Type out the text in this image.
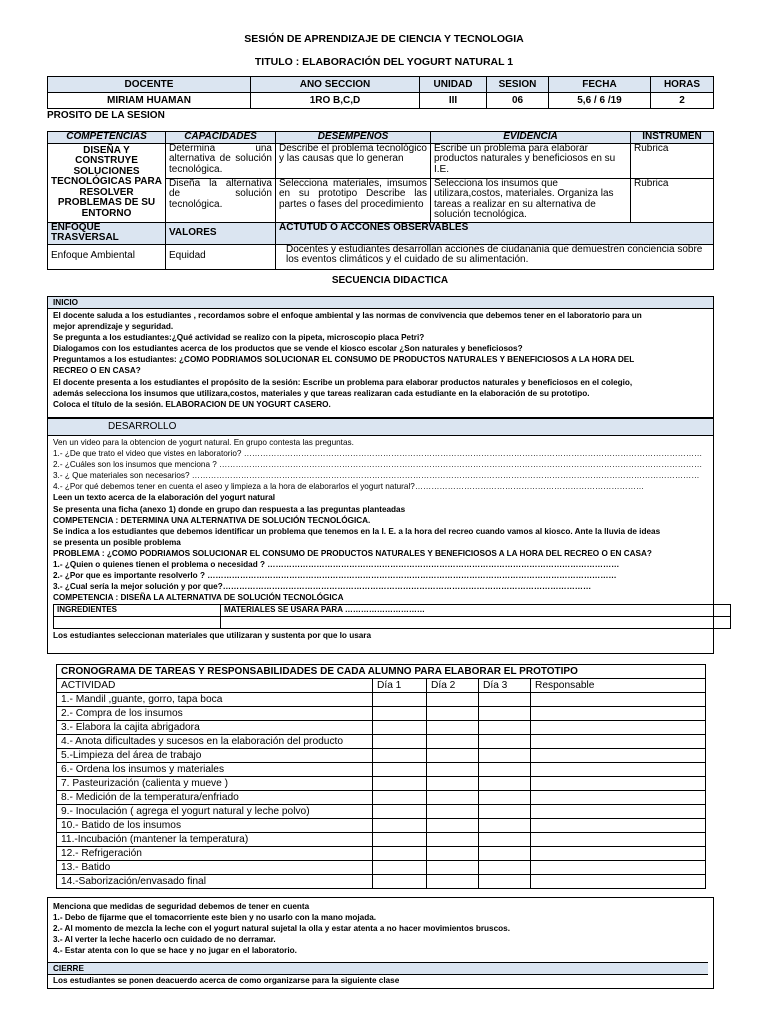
SESIÓN DE APRENDIZAJE DE CIENCIA Y TECNOLOGIA
TITULO : ELABORACIÓN DEL YOGURT NATURAL 1
DOCENTE	ANO SECCION	UNIDAD	SESION	FECHA	HORAS
MIRIAM HUAMAN	1RO B,C,D	III	06	5,6 / 6 /19	2
PROSITO DE LA SESION
COMPETENCIAS	CAPACIDADES	DESEMPENOS	EVIDENCIA	INSTRUMEN
DISEÑA Y CONSTRUYE SOLUCIONES TECNOLÓGICAS PARA RESOLVER PROBLEMAS DE SU ENTORNO	Determina una alternativa de solución tecnológica.	Describe el problema tecnológico y las causas que lo generan	Escribe un problema para elaborar productos naturales y beneficiosos en su I.E.	Rubrica
	Diseña la alternativa de solución tecnológica.	Selecciona materiales, imsumos en su prototipo Describe las partes o fases del procedimiento	Selecciona los insumos que utilizara,costos, materiales. Organiza las tareas a realizar en su alternativa de solución tecnológica.	Rubrica
ENFOQUE TRASVERSAL	VALORES	ACTUTUD O ACCONES OBSERVABLES		
Enfoque Ambiental	Equidad	Docentes y estudiantes desarrollan acciones de ciudanania que demuestren conciencia sobre los eventos climáticos y el cuidado de su alimentación.		
SECUENCIA DIDACTICA
INICIO
El docente saluda a los estudiantes , recordamos sobre el enfoque ambiental y las normas de convivencia que debemos tener en el laboratorio para un
mejor aprendizaje y seguridad.
Se pregunta a los estudiantes:¿Qué actividad se realizo con la pipeta, microscopio placa Petri?
Dialogamos con los estudiantes acerca de los productos que se vende el kiosco escolar ¿Son naturales y beneficiosos?
Preguntamos a los estudiantes: ¿COMO PODRIAMOS SOLUCIONAR EL CONSUMO DE PRODUCTOS NATURALES Y BENEFICIOSOS A LA HORA DEL
RECREO O EN CASA?
El docente presenta a los estudiantes el propósito de la sesión: Escribe un problema para elaborar productos naturales y beneficiosos en el colegio,
además selecciona los insumos que utilizara,costos, materiales y que tareas realizaran cada estudiante en la elaboración de su prototipo.
Coloca el título de la sesión. ELABORACION DE UN YOGURT CASERO.
DESARROLLO
Ven un video para la obtencion de yogurt natural. En grupo contesta las preguntas.
1.- ¿De que trato el video que vistes en laboratorio? ……………………………………………………………………………………………………………………………………………………
2.- ¿Cuáles son los insumos que menciona ? ……………………………………………………………………………………………………………………………………………………………
3.- ¿ Que materiales son necesarios? ……………………………………………………………………………………………………………………………………………………………………
4.- ¿Por qué debemos tener en cuenta el aseo y limpieza a la hora de elaborarlos el yogurt natural?…………………………………………………………………………
Leen un texto acerca de la elaboración del yogurt natural
Se presenta una ficha (anexo 1) donde en grupo dan respuesta a las preguntas planteadas
COMPETENCIA : DETERMINA UNA ALTERNATIVA DE SOLUCIÓN TECNOLÓGICA.
Se indica a los estudiantes que debemos identificar un problema que tenemos en la I. E. a la hora del recreo cuando vamos al kiosco. Ante la lluvia de ideas
se presenta un posible problema
PROBLEMA : ¿COMO PODRIAMOS SOLUCIONAR EL CONSUMO DE PRODUCTOS NATURALES Y BENEFICIOSOS A LA HORA DEL RECREO O EN CASA?
1.- ¿Quien o quienes tienen el problema o necesidad ? …………………………………………………………………………………………………………………
2.- ¿Por que es importante resolverlo ? ……………………………………………………………………………………………………………………………………
3.- ¿Cual sería la mejor solución y por que?………………………………………………………………………………………………………………………
COMPETENCIA : DISEÑA LA ALTERNATIVA DE SOLUCIÓN TECNOLÓGICA
INGREDIENTES	MATERIALES SE USARA PARA …………………………

Los estudiantes seleccionan materiales que utilizaran y sustenta por que lo usara
CRONOGRAMA DE TAREAS Y RESPONSABILIDADES DE CADA ALUMNO PARA ELABORAR EL PROTOTIPO				
ACTIVIDAD	Día 1	Día 2	Día 3	Responsable
1.- Mandil ,guante, gorro, tapa boca				
2.- Compra de los insumos				
3.- Elabora la cajita abrigadora				
4.- Anota dificultades y sucesos en la elaboración del producto				
5.-Limpieza del área de trabajo				
6.- Ordena los insumos y materiales				
7. Pasteurización (calienta y mueve )				
8.- Medición de la temperatura/enfriado				
9.- Inoculación ( agrega el yogurt natural y leche polvo)				
10.- Batido de los insumos				
11.-Incubación (mantener la temperatura)				
12.- Refrigeración				
13.- Batido				
14.-Saborización/envasado final				
Menciona que medidas de seguridad debemos de tener en cuenta
1.- Debo de fijarme que el tomacorriente este bien y no usarlo con la mano mojada.
2.- Al momento de mezcla la leche con el yogurt natural sujetal la olla y estar atenta a no hacer movimientos bruscos.
3.- Al verter la leche hacerlo ocn cuidado de no derramar.
4.- Estar atenta con lo que se hace y no jugar en el laboratorio.
CIERRE
Los estudiantes se ponen deacuerdo acerca de como organizarse para la siguiente clase
